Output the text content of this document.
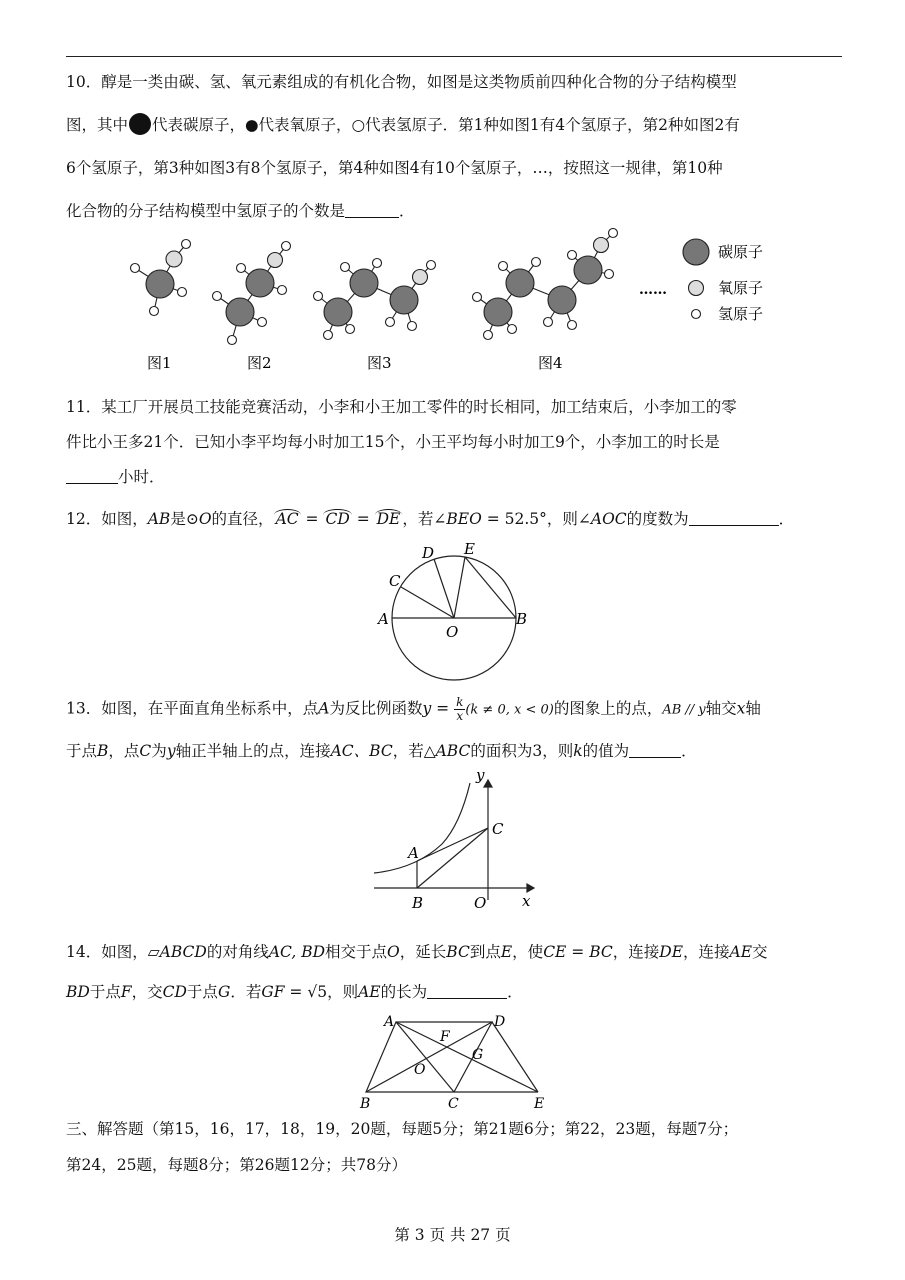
10．醇是一类由碳、氢、氧元素组成的有机化合物，如图是这类物质前四种化合物的分子结构模型
图，其中 代表碳原子，●代表氧原子，○代表氢原子．第1种如图1有4个氢原子，第2种如图2有
6个氢原子，第3种如图3有8个氢原子，第4种如图4有10个氢原子，…，按照这一规律，第10种
化合物的分子结构模型中氢原子的个数是	．
……
碳原子
氧原子
氢原子
图1	图2	图3	图4
11．某工厂开展员工技能竞赛活动，小李和小王加工零件的时长相同，加工结束后，小李加工的零
件比小王多21个．已知小李平均每小时加工15个，小王平均每小时加工9个，小李加工的时长是
小时．
12．如图，AB是⊙O的直径， AC = CD = DE ，若∠BEO = 52.5°，则∠AOC的度数为	．
D E
C
A
O
B
13．如图，在平面直角坐标系中，点A为反比例函数$y = \frac{k}{x} (k \ne 0$, x < 0)的图象上的点，AB // y轴交x轴
于点B，点C为y轴正半轴上的点，连接AC、BC，若△ABC的面积为3，则k的值为	．
y
C
A
B	O x
14．如图，▱ABCD的对角线AC, BD相交于点O，延长BC到点E，使CE = BC，连接DE，连接AE交
BD于点F，交CD于点G．若GF = √5，则AE的长为	．
A	D
F
G
O
B	C	E
三、解答题（第15，16，17，18，19，20题，每题5分；第21题6分；第22，23题，每题7分；
第24，25题，每题8分；第26题12分；共78分）
第 3 页 共 27 页
